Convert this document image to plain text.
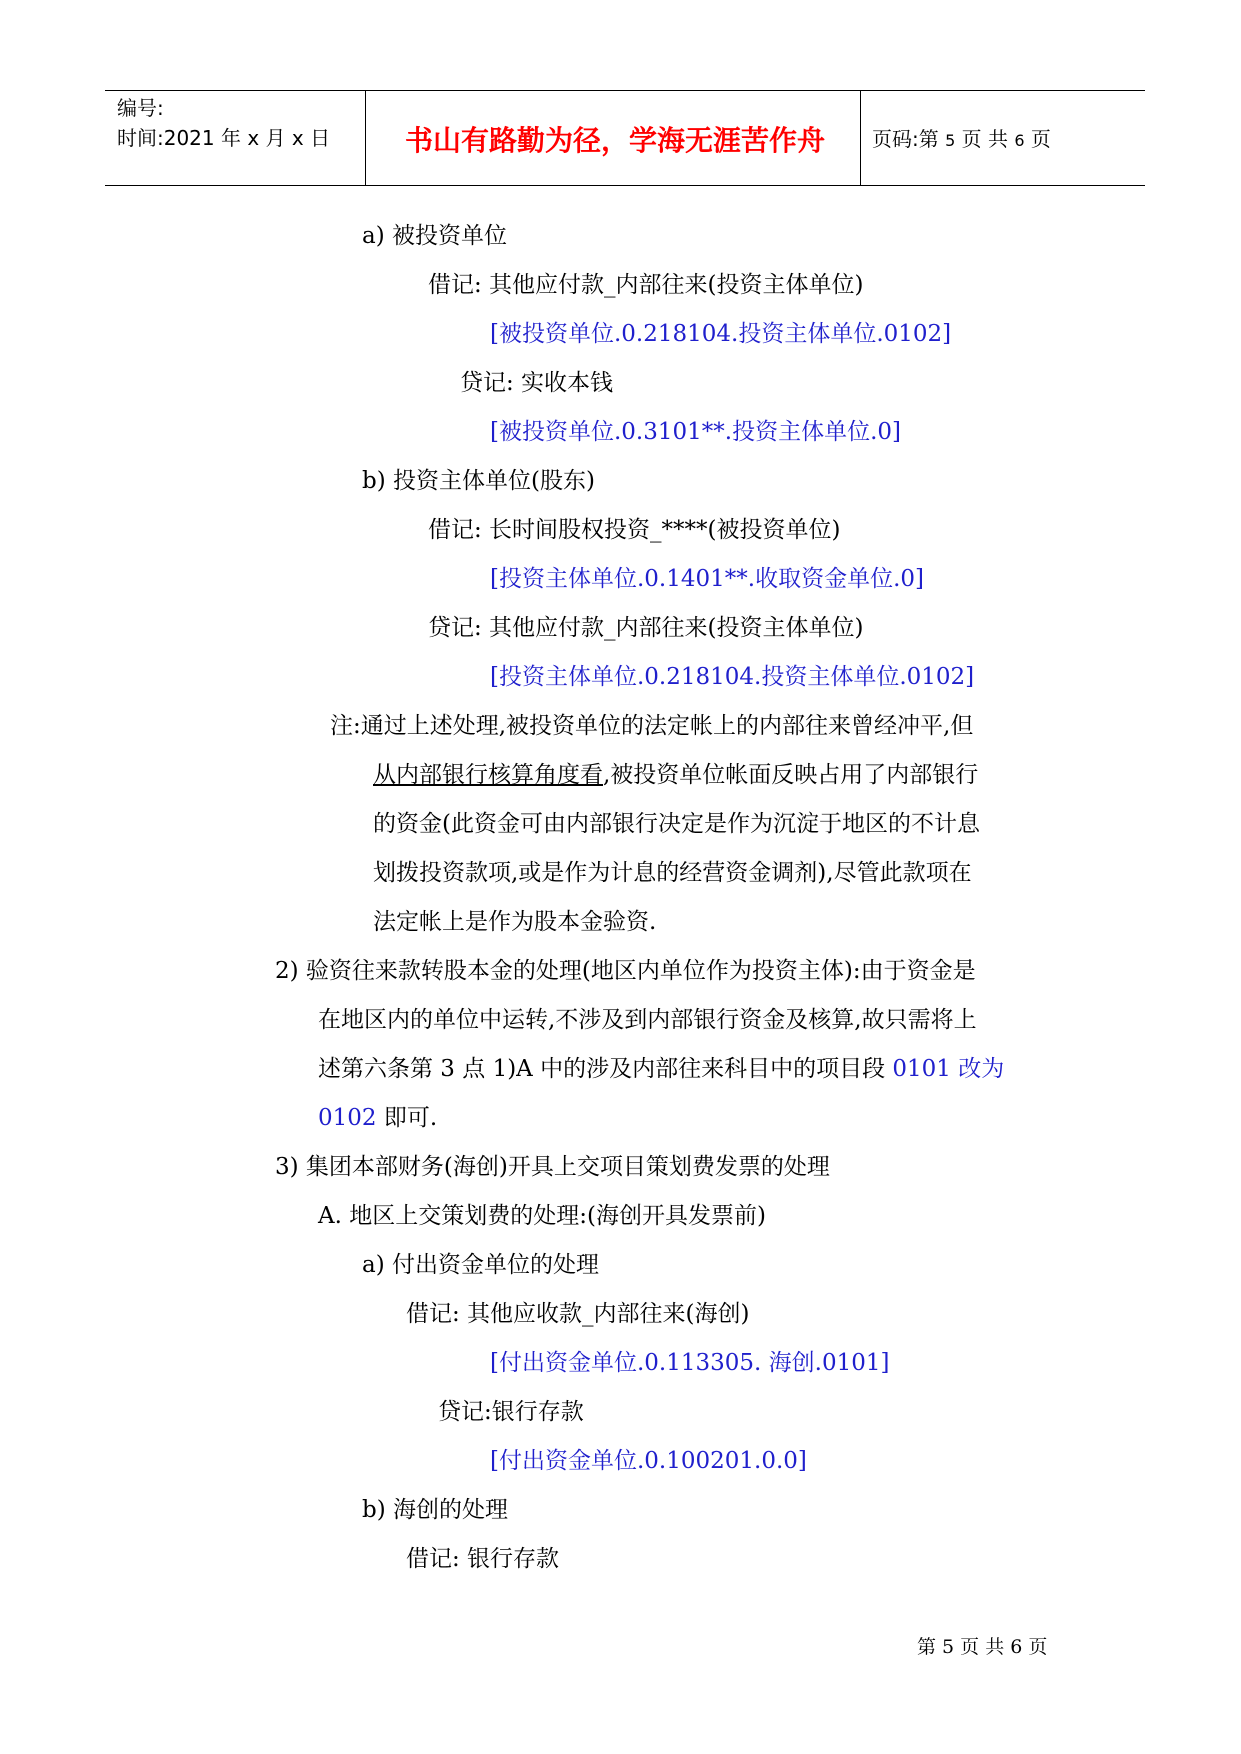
编号:
时间:2021 年 x 月 x 日	书山有路勤为径，学海无涯苦作舟	页码:第 5 页 共 6 页
a) 被投资单位
借记: 其他应付款_内部往来(投资主体单位)
[被投资单位.0.218104.投资主体单位.0102]
贷记: 实收本钱
[被投资单位.0.3101**.投资主体单位.0]
b) 投资主体单位(股东)
借记: 长时间股权投资_****(被投资单位)
[投资主体单位.0.1401**.收取资金单位.0]
贷记: 其他应付款_内部往来(投资主体单位)
[投资主体单位.0.218104.投资主体单位.0102]
注:通过上述处理,被投资单位的法定帐上的内部往来曾经冲平,但
从内部银行核算角度看,被投资单位帐面反映占用了内部银行
的资金(此资金可由内部银行决定是作为沉淀于地区的不计息
划拨投资款项,或是作为计息的经营资金调剂),尽管此款项在
法定帐上是作为股本金验资.
2) 验资往来款转股本金的处理(地区内单位作为投资主体):由于资金是
在地区内的单位中运转,不涉及到内部银行资金及核算,故只需将上
述第六条第 3 点 1)A 中的涉及内部往来科目中的项目段 0101 改为
0102 即可.
3) 集团本部财务(海创)开具上交项目策划费发票的处理
A. 地区上交策划费的处理:(海创开具发票前)
a) 付出资金单位的处理
借记: 其他应收款_内部往来(海创)
[付出资金单位.0.113305. 海创.0101]
贷记:银行存款
[付出资金单位.0.100201.0.0]
b) 海创的处理
借记: 银行存款
第 5 页 共 6 页
